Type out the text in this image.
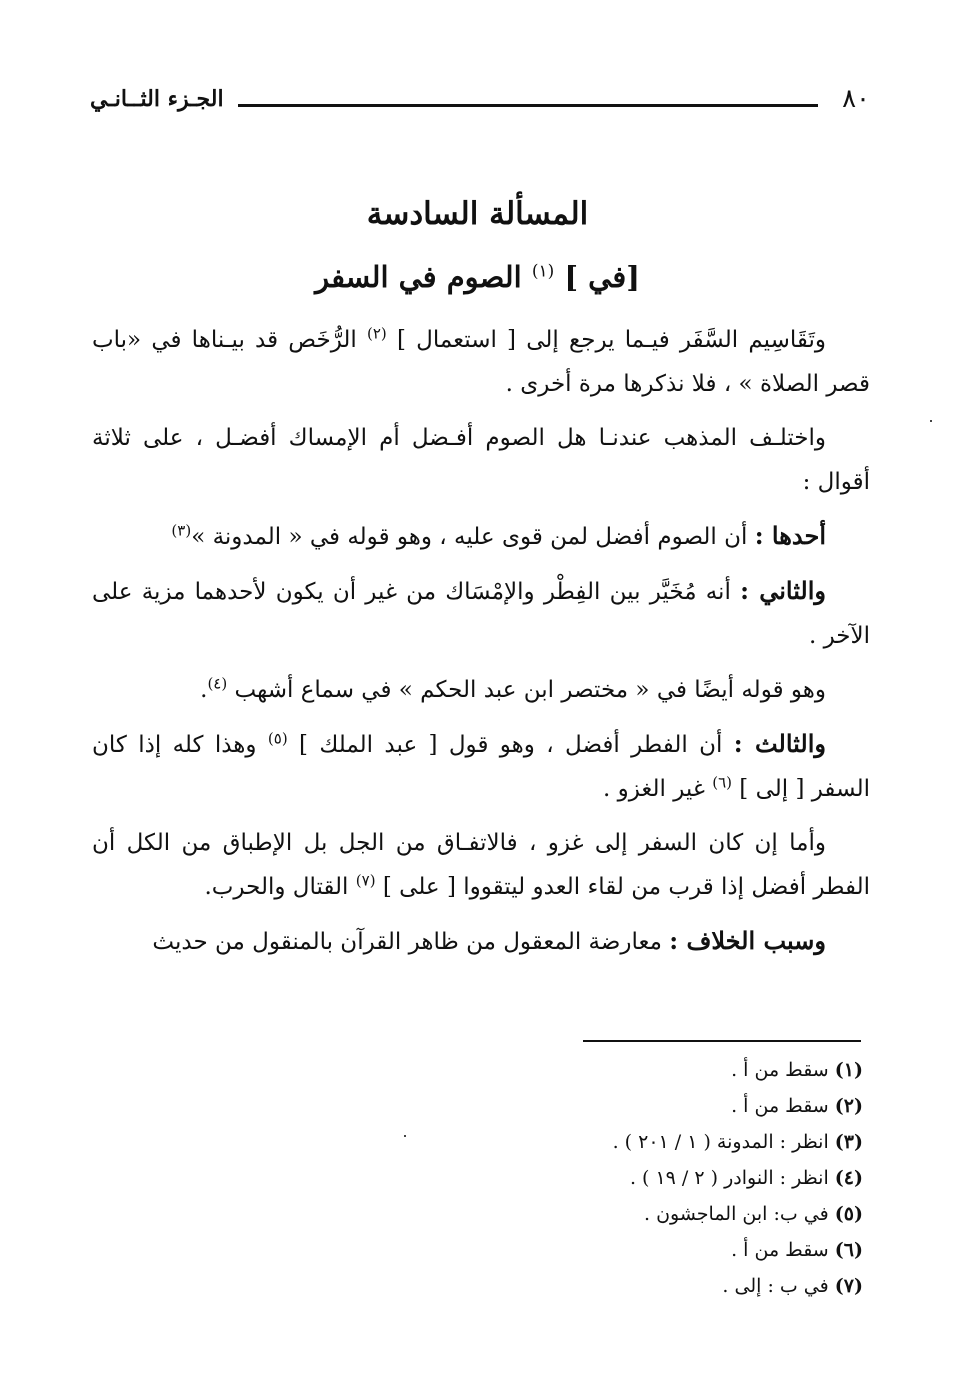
٨٠
الجـزء الثــانـي
المسألة السادسة
[في ] $^{(١)}$ الصوم في السفر

وتَقَاسِيم السَّفَر فيـما يرجع إلى [ استعمال ] $^{(٢)}$ الرُّخَص قد بيـناها في «باب قصر الصلاة » ، فلا نذكرها مرة أخرى .

واختلـف المذهب عندنـا هل الصوم أفـضل أم الإمساك أفضـل ، على ثلاثة أقوال :

أحدها : أن الصوم أفضل لمن قوى عليه ، وهو قوله في « المدونة »$^{(٣)}$

والثاني : أنه مُخَيَّر بين الفِطْر والإمْسَاك من غير أن يكون لأحدهما مزية على الآخر .

وهو قوله أيضًا في « مختصر ابن عبد الحكم » في سماع أشهب $^{(٤)}$.

والثالث : أن الفطر أفضل ، وهو قول [ عبد الملك ] $^{(٥)}$ وهذا كله إذا كان السفر [ إلى ] $^{(٦)}$ غير الغزو .

وأما إن كان السفر إلى غزو ، فالاتفـاق من الجل بل الإطباق من الكل أن الفطر أفضل إذا قرب من لقاء العدو ليتقووا [ على ] $^{(٧)}$ القتال والحرب.

وسبب الخلاف : معارضة المعقول من ظاهر القرآن بالمنقول من حديث

(١) سقط من أ .
(٢) سقط من أ .
(٣) انظر : المدونة ( ١ / ٢٠١ ) .
(٤) انظر : النوادر ( ٢ / ١٩ ) .
(٥) في ب: ابن الماجشون .
(٦) سقط من أ .
(٧) في ب : إلى .
